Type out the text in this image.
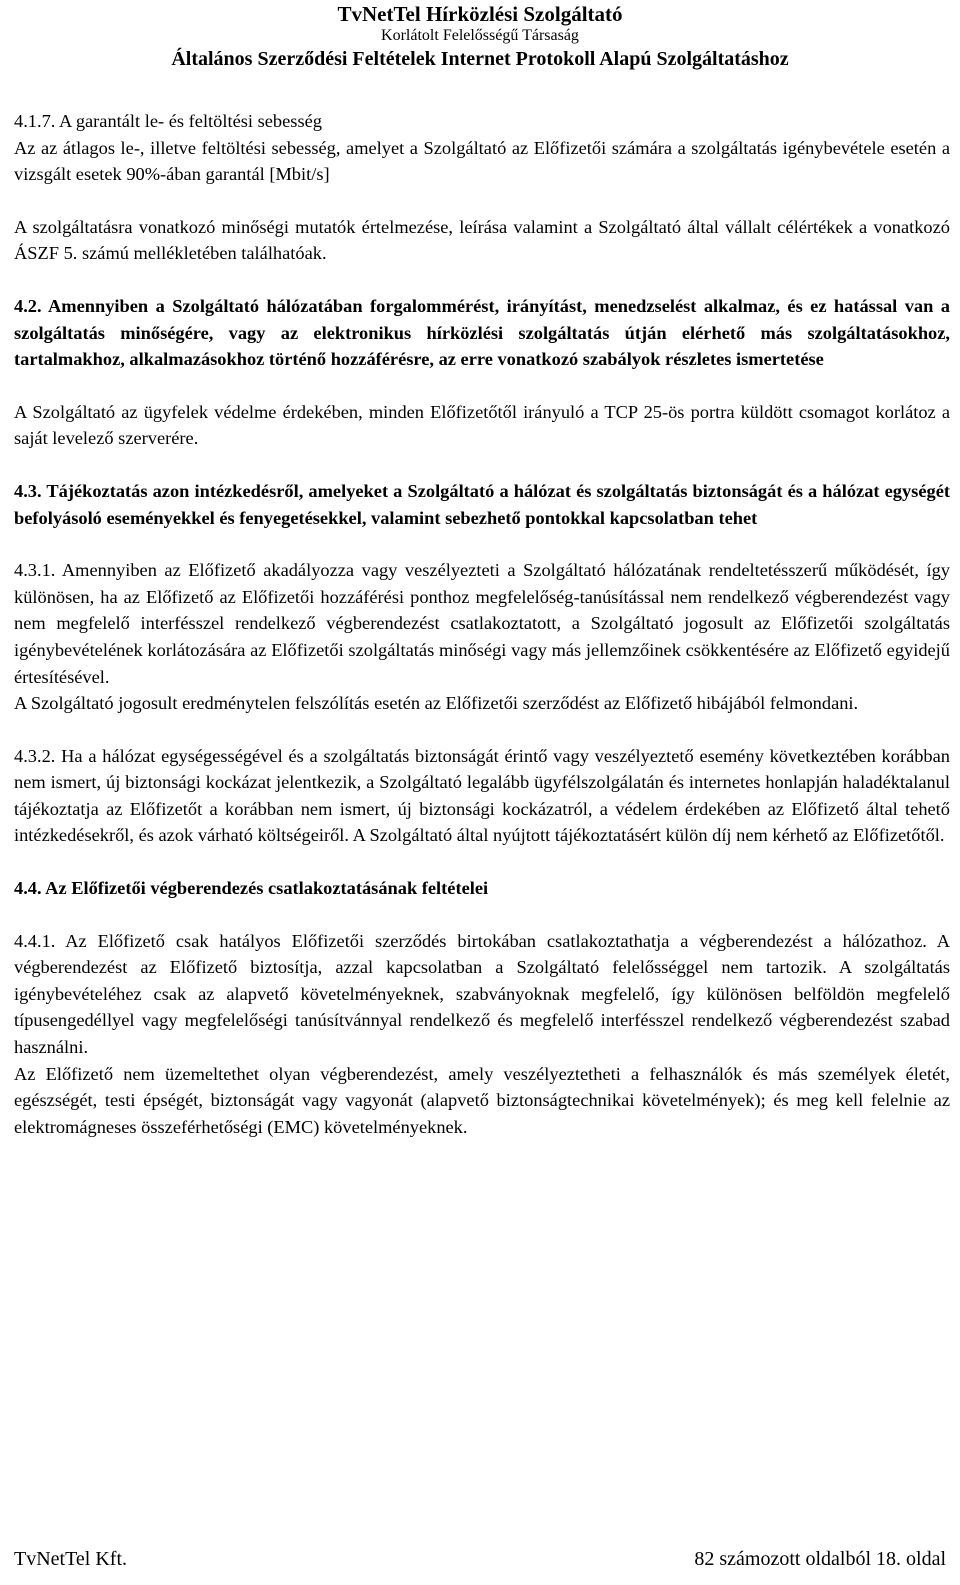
TvNetTel Hírközlési Szolgáltató
Korlátolt Felelősségű Társaság
Általános Szerződési Feltételek Internet Protokoll Alapú Szolgáltatáshoz

4.1.7. A garantált le- és feltöltési sebesség

Az az átlagos le-, illetve feltöltési sebesség, amelyet a Szolgáltató az Előfizetői számára a szolgáltatás igénybevétele esetén a vizsgált esetek 90%-ában garantál [Mbit/s]

A szolgáltatásra vonatkozó minőségi mutatók értelmezése, leírása valamint a Szolgáltató által vállalt célértékek a vonatkozó ÁSZF 5. számú mellékletében találhatóak.

4.2. Amennyiben a Szolgáltató hálózatában forgalommérést, irányítást, menedzselést alkalmaz, és ez hatással van a szolgáltatás minőségére, vagy az elektronikus hírközlési szolgáltatás útján elérhető más szolgáltatásokhoz, tartalmakhoz, alkalmazásokhoz történő hozzáférésre, az erre vonatkozó szabályok részletes ismertetése

A Szolgáltató az ügyfelek védelme érdekében, minden Előfizetőtől irányuló a TCP 25-ös portra küldött csomagot korlátoz a saját levelező szerverére.

4.3. Tájékoztatás azon intézkedésről, amelyeket a Szolgáltató a hálózat és szolgáltatás biztonságát és a hálózat egységét befolyásoló eseményekkel és fenyegetésekkel, valamint sebezhető pontokkal kapcsolatban tehet

4.3.1. Amennyiben az Előfizető akadályozza vagy veszélyezteti a Szolgáltató hálózatának rendeltetésszerű működését, így különösen, ha az Előfizető az Előfizetői hozzáférési ponthoz megfelelőség-tanúsítással nem rendelkező végberendezést vagy nem megfelelő interfésszel rendelkező végberendezést csatlakoztatott, a Szolgáltató jogosult az Előfizetői szolgáltatás igénybevételének korlátozására az Előfizetői szolgáltatás minőségi vagy más jellemzőinek csökkentésére az Előfizető egyidejű értesítésével.

A Szolgáltató jogosult eredménytelen felszólítás esetén az Előfizetői szerződést az Előfizető hibájából felmondani.

4.3.2. Ha a hálózat egységességével és a szolgáltatás biztonságát érintő vagy veszélyeztető esemény következtében korábban nem ismert, új biztonsági kockázat jelentkezik, a Szolgáltató legalább ügyfélszolgálatán és internetes honlapján haladéktalanul tájékoztatja az Előfizetőt a korábban nem ismert, új biztonsági kockázatról, a védelem érdekében az Előfizető által tehető intézkedésekről, és azok várható költségeiről. A Szolgáltató által nyújtott tájékoztatásért külön díj nem kérhető az Előfizetőtől.

4.4. Az Előfizetői végberendezés csatlakoztatásának feltételei

4.4.1. Az Előfizető csak hatályos Előfizetői szerződés birtokában csatlakoztathatja a végberendezést a hálózathoz. A végberendezést az Előfizető biztosítja, azzal kapcsolatban a Szolgáltató felelősséggel nem tartozik. A szolgáltatás igénybevételéhez csak az alapvető követelményeknek, szabványoknak megfelelő, így különösen belföldön megfelelő típusengedéllyel vagy megfelelőségi tanúsítvánnyal rendelkező és megfelelő interfésszel rendelkező végberendezést szabad használni.

Az Előfizető nem üzemeltethet olyan végberendezést, amely veszélyeztetheti a felhasználók és más személyek életét, egészségét, testi épségét, biztonságát vagy vagyonát (alapvető biztonságtechnikai követelmények); és meg kell felelnie az elektromágneses összeférhetőségi (EMC) követelményeknek.

TvNetTel Kft.	82 számozott oldalból 18. oldal
